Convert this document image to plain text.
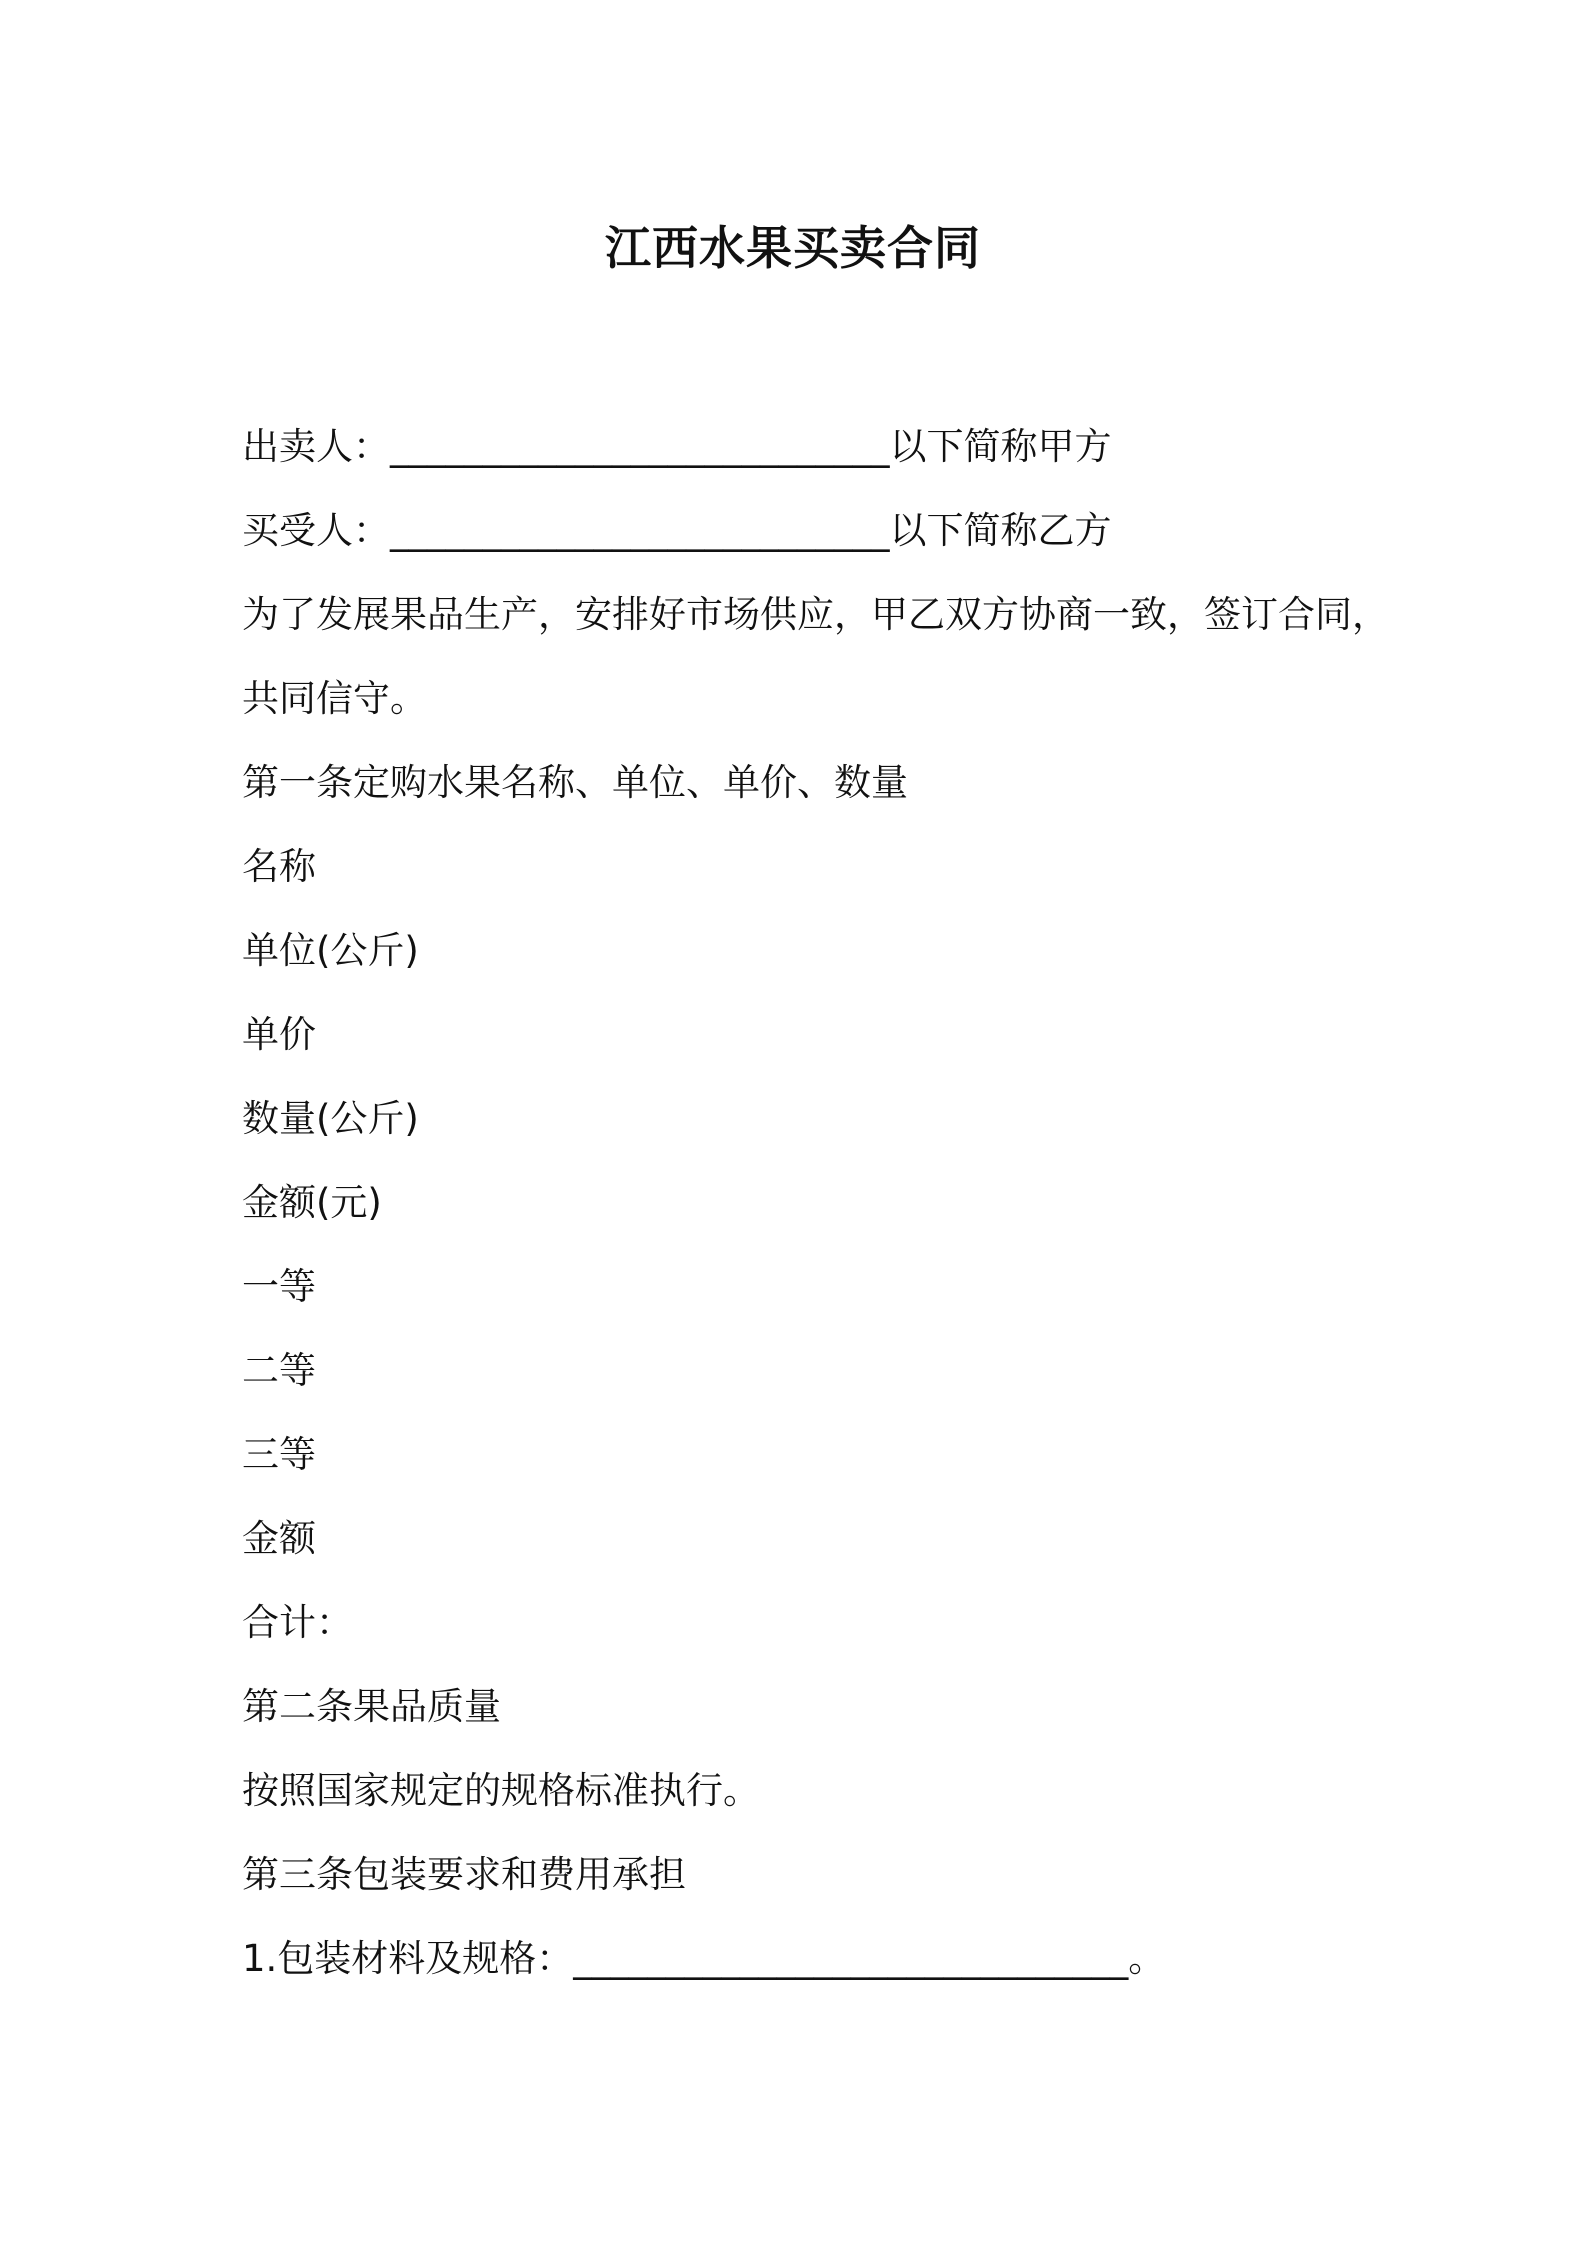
江西水果买卖合同
出卖人：___________________________以下简称甲方
买受人：___________________________以下简称乙方
为了发展果品生产，安排好市场供应，甲乙双方协商一致，签订合同，
共同信守。
第一条定购水果名称、单位、单价、数量
名称
单位(公斤)
单价
数量(公斤)
金额(元)
一等
二等
三等
金额
合计：
第二条果品质量
按照国家规定的规格标准执行。
第三条包装要求和费用承担
1.包装材料及规格：______________________________。
